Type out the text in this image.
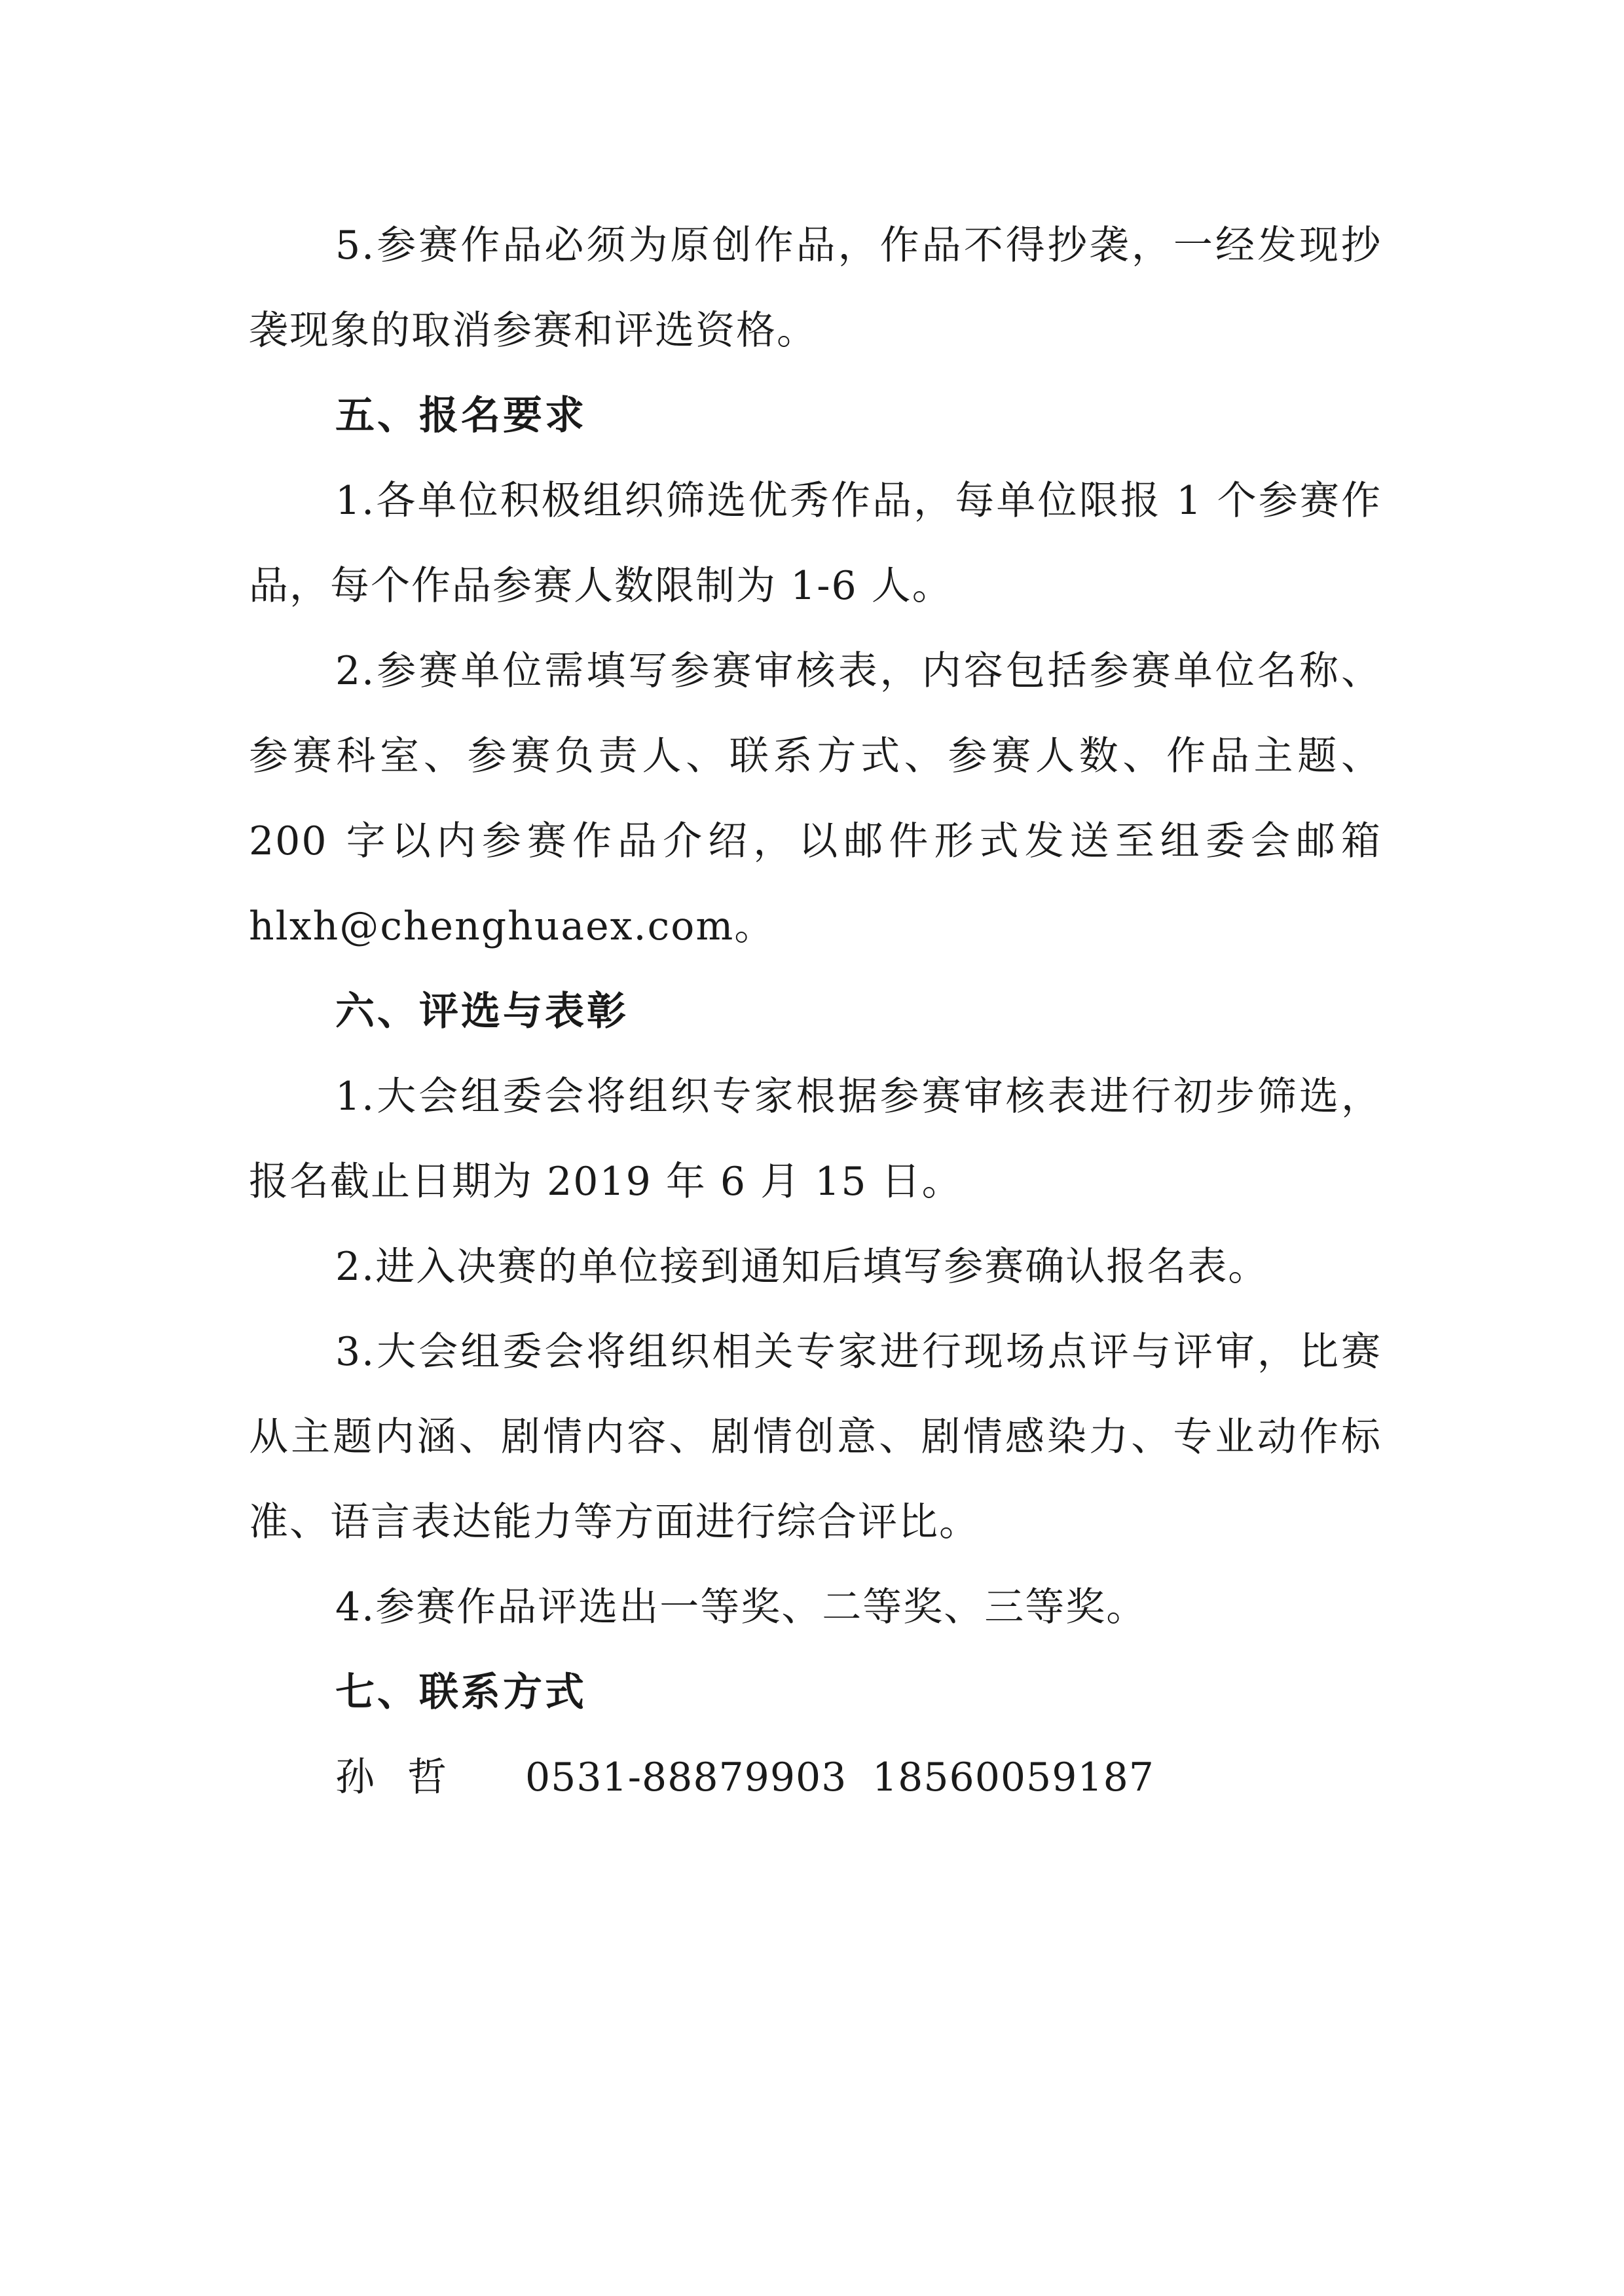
5.参赛作品必须为原创作品，作品不得抄袭，一经发现抄袭现象的取消参赛和评选资格。

五、报名要求

1.各单位积极组织筛选优秀作品，每单位限报 1 个参赛作品，每个作品参赛人数限制为 1-6 人。

2.参赛单位需填写参赛审核表，内容包括参赛单位名称、参赛科室、参赛负责人、联系方式、参赛人数、作品主题、200 字以内参赛作品介绍，以邮件形式发送至组委会邮箱hlxh@chenghuaex.com。

六、评选与表彰

1.大会组委会将组织专家根据参赛审核表进行初步筛选，报名截止日期为 2019 年 6 月 15 日。

2.进入决赛的单位接到通知后填写参赛确认报名表。

3.大会组委会将组织相关专家进行现场点评与评审，比赛从主题内涵、剧情内容、剧情创意、剧情感染力、专业动作标准、语言表达能力等方面进行综合评比。

4.参赛作品评选出一等奖、二等奖、三等奖。

七、联系方式

孙哲 0531-88879903 18560059187
